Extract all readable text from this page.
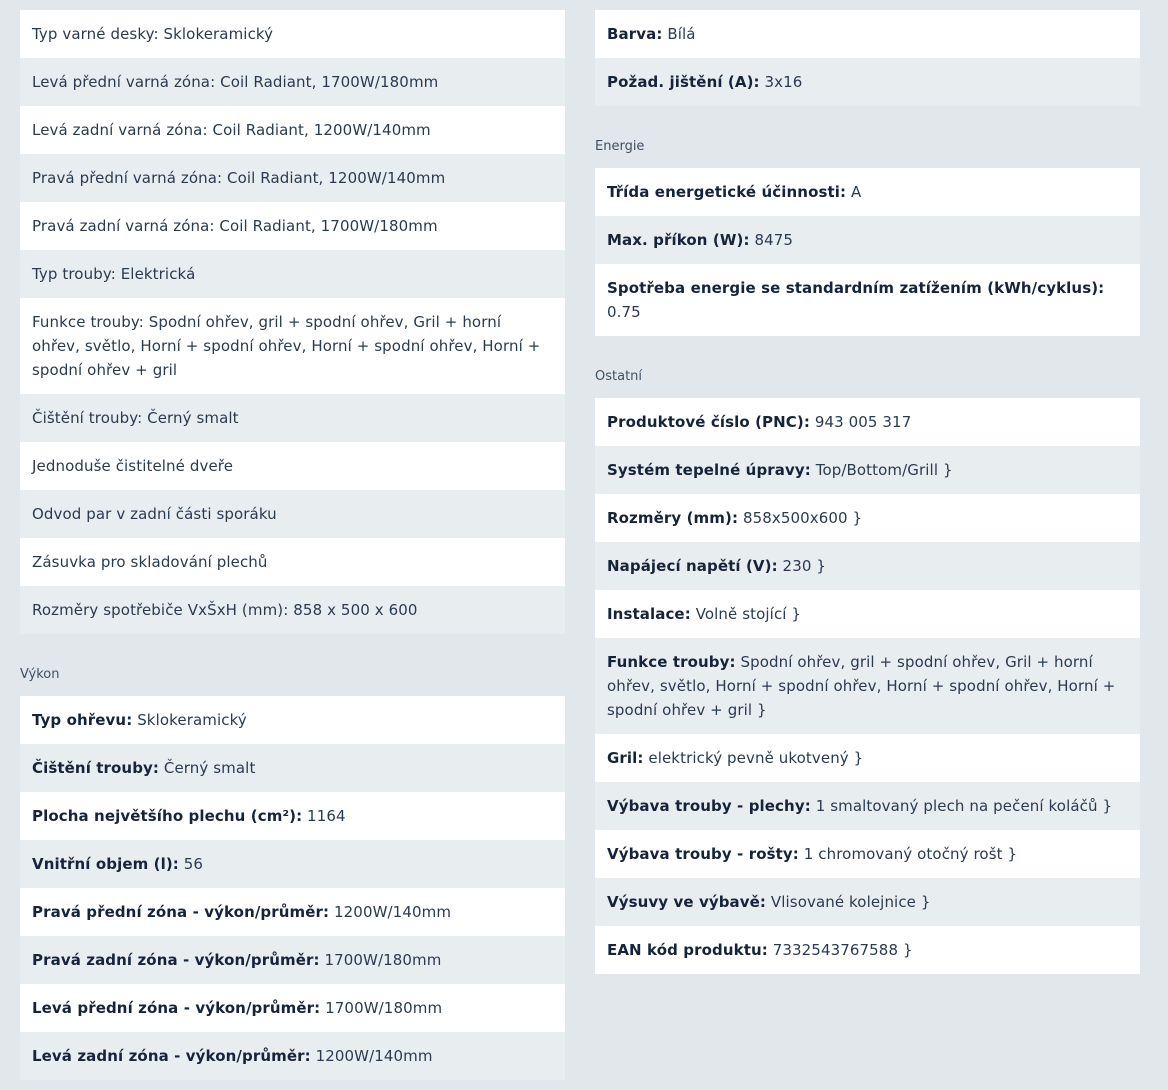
Typ varné desky: Sklokeramický
Levá přední varná zóna: Coil Radiant, 1700W/180mm
Levá zadní varná zóna: Coil Radiant, 1200W/140mm
Pravá přední varná zóna: Coil Radiant, 1200W/140mm
Pravá zadní varná zóna: Coil Radiant, 1700W/180mm
Typ trouby: Elektrická
Funkce trouby: Spodní ohřev, gril + spodní ohřev, Gril + horní ohřev, světlo, Horní + spodní ohřev, Horní + spodní ohřev, Horní + spodní ohřev + gril
Čištění trouby: Černý smalt
Jednoduše čistitelné dveře
Odvod par v zadní části sporáku
Zásuvka pro skladování plechů
Rozměry spotřebiče VxŠxH (mm): 858 x 500 x 600
Výkon
Typ ohřevu: Sklokeramický
Čištění trouby: Černý smalt
Plocha největšího plechu (cm²): 1164
Vnitřní objem (l): 56
Pravá přední zóna - výkon/průměr: 1200W/140mm
Pravá zadní zóna - výkon/průměr: 1700W/180mm
Levá přední zóna - výkon/průměr: 1700W/180mm
Levá zadní zóna - výkon/průměr: 1200W/140mm
Barva: Bílá
Požad. jištění (A): 3x16
Energie
Třída energetické účinnosti: A
Max. příkon (W): 8475
Spotřeba energie se standardním zatížením (kWh/cyklus): 0.75
Ostatní
Produktové číslo (PNC): 943 005 317
Systém tepelné úpravy: Top/Bottom/Grill }
Rozměry (mm): 858x500x600 }
Napájecí napětí (V): 230 }
Instalace: Volně stojící }
Funkce trouby: Spodní ohřev, gril + spodní ohřev, Gril + horní ohřev, světlo, Horní + spodní ohřev, Horní + spodní ohřev, Horní + spodní ohřev + gril }
Gril: elektrický pevně ukotvený }
Výbava trouby - plechy: 1 smaltovaný plech na pečení koláčů }
Výbava trouby - rošty: 1 chromovaný otočný rošt }
Výsuvy ve výbavě: Vlisované kolejnice }
EAN kód produktu: 7332543767588 }
